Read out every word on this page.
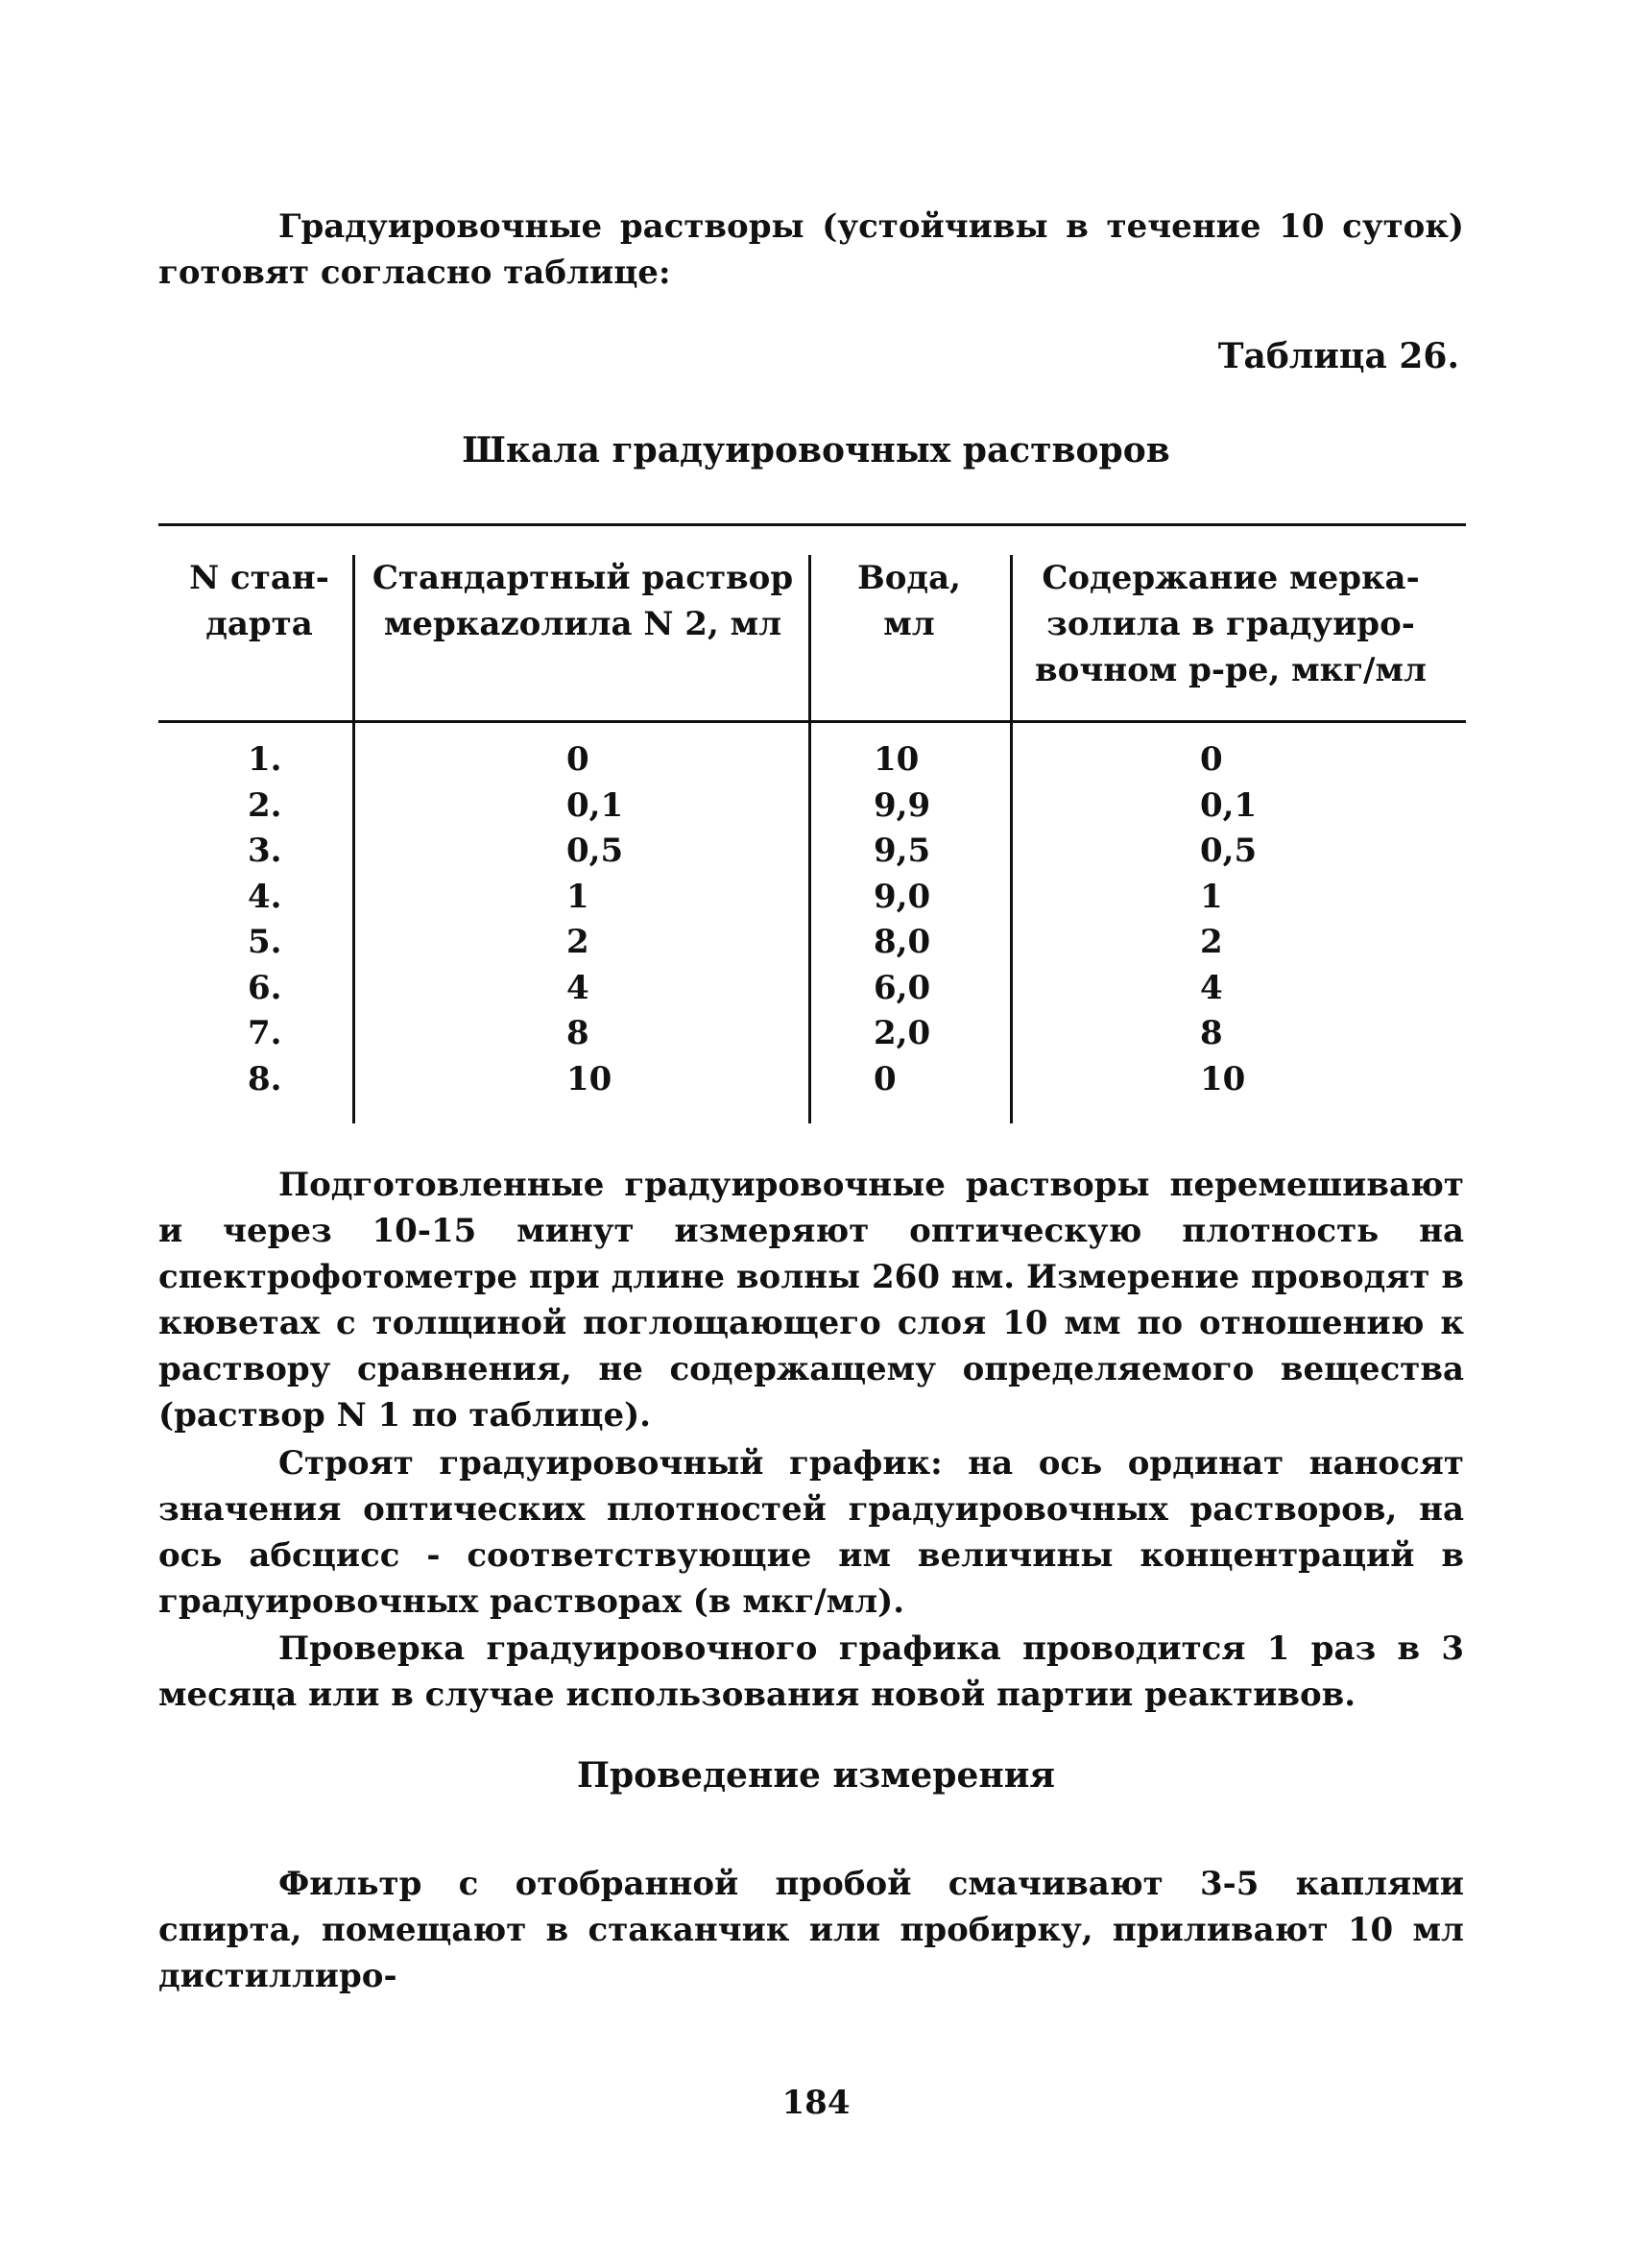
Градуировочные растворы (устойчивы в течение 10 суток) готовят согласно таблице:

Таблица 26.

Шкала градуировочных растворов

N стан- дарта

Стандартный раствор меркаzолила N 2, мл

Вода, мл

Содержание мерка- золила в градуиро- вочном р-ре, мкг/мл

1.
2.
3.
4.
5.
6.
7.
8.
0
0,1
0,5
1
2
4
8
10
10
9,9
9,5
9,0
8,0
6,0
2,0
0
0
0,1
0,5
1
2
4
8
10

Подготовленные градуировочные растворы перемешивают и через 10-15 минут измеряют оптическую плотность на спектрофотометре при длине волны 260 нм. Измерение проводят в кюветах с толщиной поглощающего слоя 10 мм по отношению к раствору сравнения, не содержащему определяемого вещества (раствор N 1 по таблице).

Строят градуировочный график: на ось ординат наносят значения оптических плотностей градуировочных растворов, на ось абсцисс - соответствующие им величины концентраций в градуировочных растворах (в мкг/мл).

Проверка градуировочного графика проводится 1 раз в 3 месяца или в случае использования новой партии реактивов.

Проведение измерения

Фильтр с отобранной пробой смачивают 3-5 каплями спирта, помещают в стаканчик или пробирку, приливают 10 мл дистиллиро-

184
